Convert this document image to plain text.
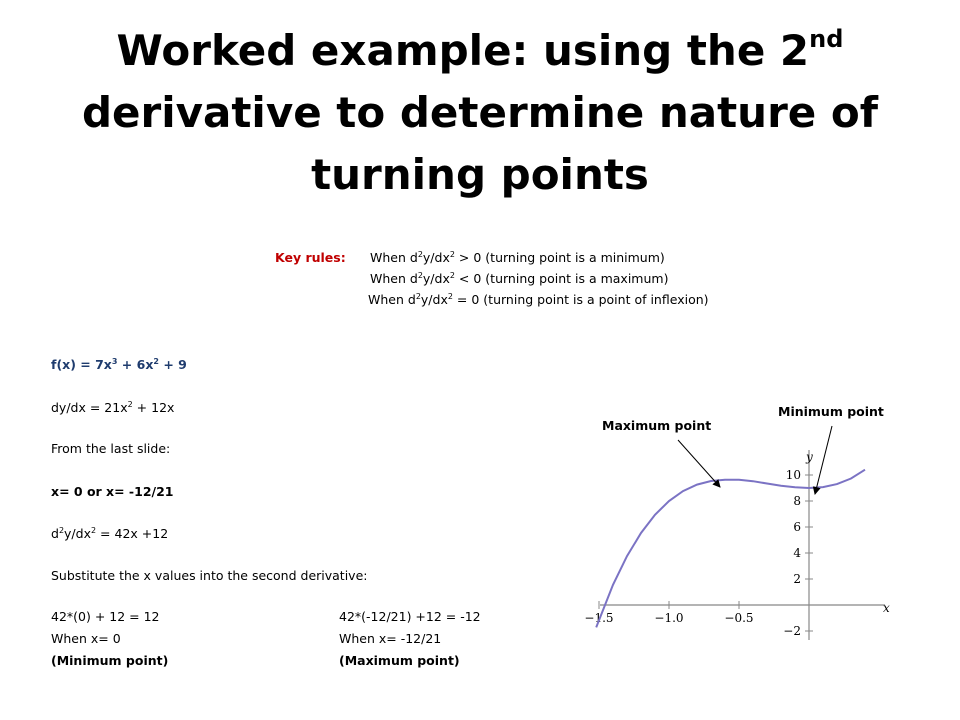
Worked example: using the 2nd
derivative to determine nature of
turning points
Key rules: When $d^2y/dx^2 > 0$ (turning point is a minimum)
When $d^2y/dx^2 < 0$ (turning point is a maximum)
When $d^2y/dx^2 = 0$ (turning point is a point of inflexion)
$f(x) = 7x^3 + 6x^2 + 9$
$dy/dx = 21x^2 + 12x$
From the last slide:
x= 0 or x= -12/21
$d^2y/dx^2 = 42x +12$
Substitute the x values into the second derivative:
42*(0) + 12 = 12
When x= 0
(Minimum point)
42*(-12/21) +12 = -12
When x= -12/21
(Maximum point)
−1.5	−1.0	−0.5
10
8
6
4
2
−2
y
x
Maximum point
Minimum point
